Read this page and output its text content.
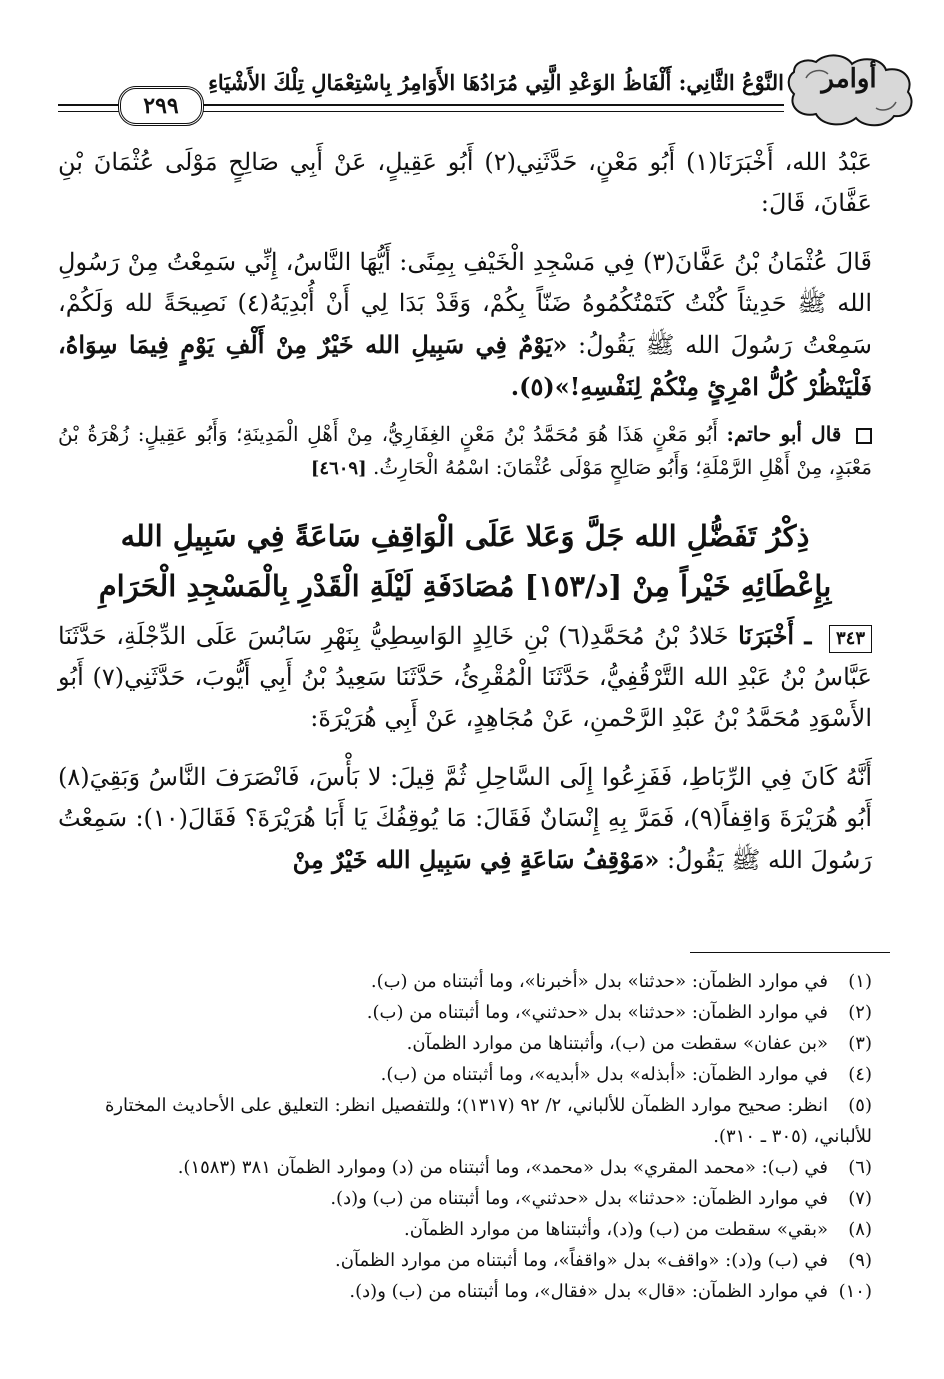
أوامر
النَّوْعُ الثَّانِي: أَلْفَاظُ الوَعْدِ الَّتِي مُرَادُهَا الأَوَامِرُ بِاسْتِعْمَالِ تِلْكَ الأَشْيَاءِ
٢٩٩

عَبْدُ الله، أَخْبَرَنَا(١) أَبُو مَعْنٍ، حَدَّثَنِي(٢) أَبُو عَقِيلٍ، عَنْ أَبِي صَالِحٍ مَوْلَى عُثْمَانَ بْنِ عَفَّانَ، قَالَ:

قَالَ عُثْمَانُ بْنُ عَفَّانَ(٣) فِي مَسْجِدِ الْخَيْفِ بِمِنًى: أَيُّهَا النَّاسُ، إِنِّي سَمِعْتُ مِنْ رَسُولِ الله ﷺ حَدِيثاً كُنْتُ كَتَمْتُكُمُوهُ ضَنّاً بِكُمْ، وَقَدْ بَدَا لِي أَنْ أُبْدِيَهُ(٤) نَصِيحَةً لله وَلَكُمْ، سَمِعْتُ رَسُولَ الله ﷺ يَقُولُ: «يَوْمٌ فِي سَبِيلِ الله خَيْرٌ مِنْ أَلْفِ يَوْمٍ فِيمَا سِوَاهُ، فَلْيَنْظُرْ كُلُّ امْرِئٍ مِنْكُمْ لِنَفْسِهِ!»(٥).

قال أبو حاتم: أَبُو مَعْنٍ هَذَا هُوَ مُحَمَّدُ بْنُ مَعْنٍ الغِفَارِيُّ، مِنْ أَهْلِ الْمَدِينَةِ؛ وَأَبُو عَقِيلٍ: زُهْرَةُ بْنُ مَعْبَدٍ، مِنْ أَهْلِ الرَّمْلَةِ؛ وَأَبُو صَالِحٍ مَوْلَى عُثْمَانَ: اسْمُهُ الْحَارِثُ. [٤٦٠٩]

ذِكْرُ تَفَضُّلِ الله جَلَّ وَعَلا عَلَى الْوَاقِفِ سَاعَةً فِي سَبِيلِ الله
بِإِعْطَائِهِ خَيْراً مِنْ [د/١٥٣] مُصَادَفَةِ لَيْلَةِ الْقَدْرِ بِالْمَسْجِدِ الْحَرَامِ

٣٤٣ ـ أَخْبَرَنَا خَلادُ بْنُ مُحَمَّدِ(٦) بْنِ خَالِدٍ الوَاسِطِيُّ بِنَهْرِ سَابُسَ عَلَى الدِّجْلَةِ، حَدَّثَنَا عَبَّاسُ بْنُ عَبْدِ الله التَّرْقُفِيُّ، حَدَّثَنَا الْمُقْرِئُ، حَدَّثَنَا سَعِيدُ بْنُ أَبِي أَيُّوبَ، حَدَّثَنِي(٧) أَبُو الأَسْوَدِ مُحَمَّدُ بْنُ عَبْدِ الرَّحْمنِ، عَنْ مُجَاهِدٍ، عَنْ أَبِي هُرَيْرَةَ:

أَنَّهُ كَانَ فِي الرِّبَاطِ، فَفَزِعُوا إِلَى السَّاحِلِ ثُمَّ قِيلَ: لا بَأْسَ، فَانْصَرَفَ النَّاسُ وَبَقِيَ(٨) أَبُو هُرَيْرَةَ وَاقِفاً(٩)، فَمَرَّ بِهِ إِنْسَانٌ فَقَالَ: مَا يُوقِفُكَ يَا أَبَا هُرَيْرَةَ؟ فَقَالَ(١٠): سَمِعْتُ رَسُولَ الله ﷺ يَقُولُ: «مَوْقِفُ سَاعَةٍ فِي سَبِيلِ الله خَيْرٌ مِنْ

(١)في موارد الظمآن: «حدثنا» بدل «أخبرنا»، وما أثبتناه من (ب).

(٢)في موارد الظمآن: «حدثنا» بدل «حدثني»، وما أثبتناه من (ب).

(٣)«بن عفان» سقطت من (ب)، وأثبتناها من موارد الظمآن.

(٤)في موارد الظمآن: «أبذله» بدل «أبديه»، وما أثبتناه من (ب).

(٥)انظر: صحيح موارد الظمآن للألباني، ٢/ ٩٢ (١٣١٧)؛ وللتفصيل انظر: التعليق على الأحاديث المختارة للألباني، (٣٠٥ ـ ٣١٠).

(٦)في (ب): «محمد المقري» بدل «محمد»، وما أثبتناه من (د) وموارد الظمآن ٣٨١ (١٥٨٣).

(٧)في موارد الظمآن: «حدثنا» بدل «حدثني»، وما أثبتناه من (ب) و(د).

(٨)«بقي» سقطت من (ب) و(د)، وأثبتناها من موارد الظمآن.

(٩)في (ب) و(د): «واقف» بدل «واقفاً»، وما أثبتناه من موارد الظمآن.

(١٠)في موارد الظمآن: «قال» بدل «فقال»، وما أثبتناه من (ب) و(د).
